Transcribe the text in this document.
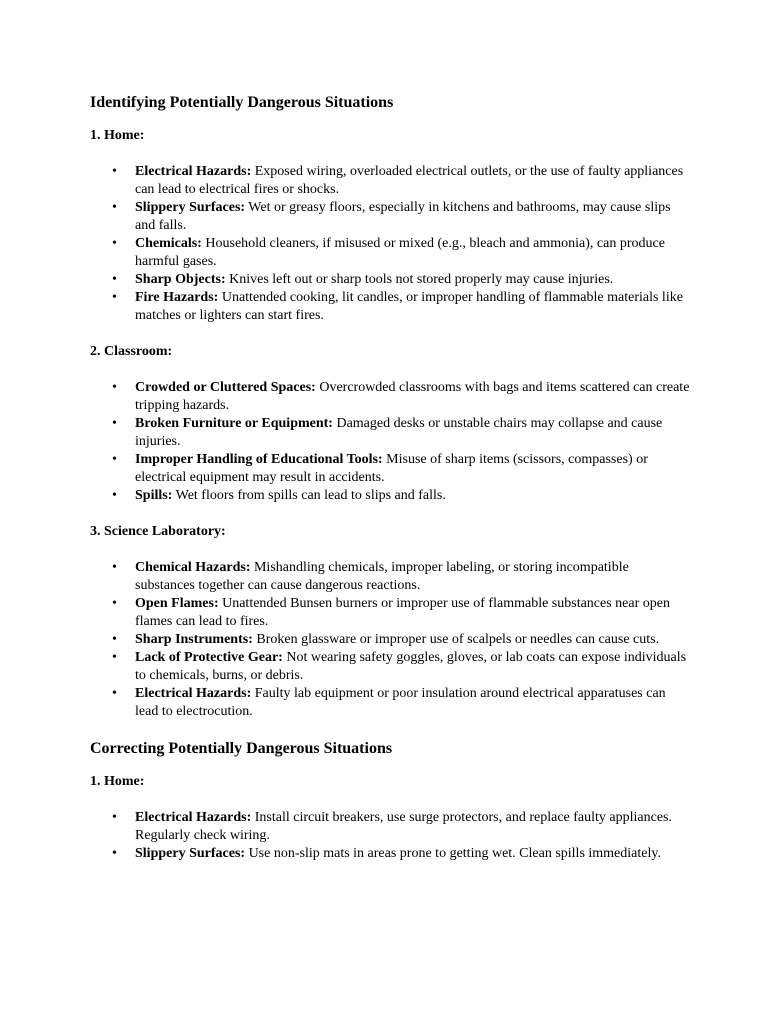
Identifying Potentially Dangerous Situations
1. Home:
• Electrical Hazards: Exposed wiring, overloaded electrical outlets, or the use of faulty appliances can lead to electrical fires or shocks.
• Slippery Surfaces: Wet or greasy floors, especially in kitchens and bathrooms, may cause slips and falls.
• Chemicals: Household cleaners, if misused or mixed (e.g., bleach and ammonia), can produce harmful gases.
• Sharp Objects: Knives left out or sharp tools not stored properly may cause injuries.
• Fire Hazards: Unattended cooking, lit candles, or improper handling of flammable materials like matches or lighters can start fires.
2. Classroom:
• Crowded or Cluttered Spaces: Overcrowded classrooms with bags and items scattered can create tripping hazards.
• Broken Furniture or Equipment: Damaged desks or unstable chairs may collapse and cause injuries.
• Improper Handling of Educational Tools: Misuse of sharp items (scissors, compasses) or electrical equipment may result in accidents.
• Spills: Wet floors from spills can lead to slips and falls.
3. Science Laboratory:
• Chemical Hazards: Mishandling chemicals, improper labeling, or storing incompatible substances together can cause dangerous reactions.
• Open Flames: Unattended Bunsen burners or improper use of flammable substances near open flames can lead to fires.
• Sharp Instruments: Broken glassware or improper use of scalpels or needles can cause cuts.
• Lack of Protective Gear: Not wearing safety goggles, gloves, or lab coats can expose individuals to chemicals, burns, or debris.
• Electrical Hazards: Faulty lab equipment or poor insulation around electrical apparatuses can lead to electrocution.
Correcting Potentially Dangerous Situations
1. Home:
• Electrical Hazards: Install circuit breakers, use surge protectors, and replace faulty appliances. Regularly check wiring.
• Slippery Surfaces: Use non-slip mats in areas prone to getting wet. Clean spills immediately.
